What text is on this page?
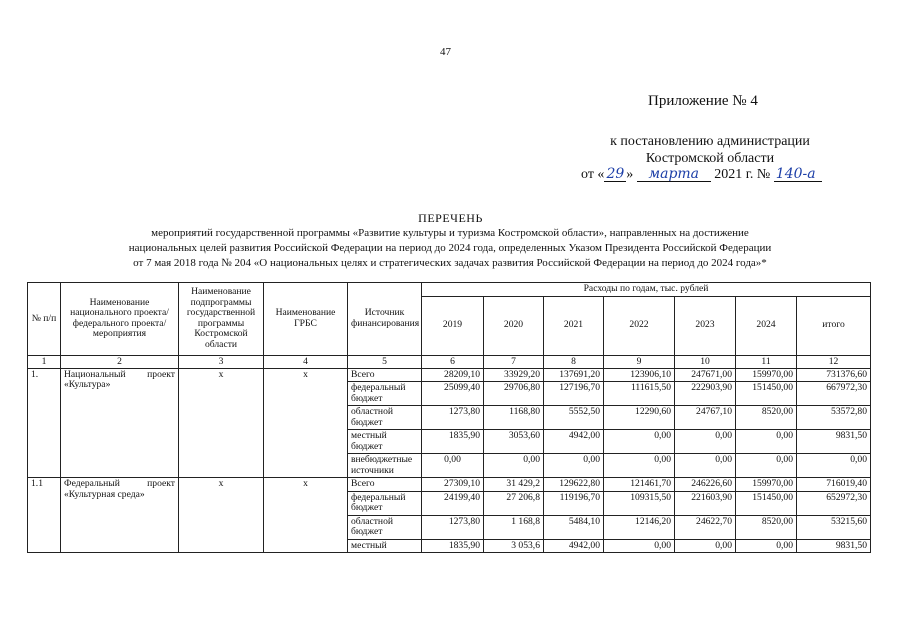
47
Приложение № 4
к постановлению администрации
Костромской области
от « 29 » марта 2021 г. № 140-а
ПЕРЕЧЕНЬ
мероприятий государственной программы «Развитие культуры и туризма Костромской области», направленных на достижение
национальных целей развития Российской Федерации на период до 2024 года, определенных Указом Президента Российской Федерации
от 7 мая 2018 года № 204 «О национальных целях и стратегических задачах развития Российской Федерации на период до 2024 года»*
№ п/п	Наименование национального проекта/ федерального проекта/ мероприятия	Наименование подпрограммы государственной программы Костромской области	Наименование ГРБС	Источник финансирования	Расходы по годам, тыс. рублей						
					2019	2020	2021	2022	2023	2024	итого
1	2	3	4	5	6	7	8	9	10	11	12
1.	Национальный проект «Культура»	х	х	Всего	28209,10	33929,20	137691,20	123906,10	247671,00	159970,00	731376,60
				федеральный бюджет	25099,40	29706,80	127196,70	111615,50	222903,90	151450,00	667972,30
				областной бюджет	1273,80	1168,80	5552,50	12290,60	24767,10	8520,00	53572,80
				местный бюджет	1835,90	3053,60	4942,00	0,00	0,00	0,00	9831,50
				внебюджетные источники	0,00	0,00	0,00	0,00	0,00	0,00	0,00
1.1	Федеральный проект «Культурная среда»	х	х	Всего	27309,10	31 429,2	129622,80	121461,70	246226,60	159970,00	716019,40
				федеральный бюджет	24199,40	27 206,8	119196,70	109315,50	221603,90	151450,00	652972,30
				областной бюджет	1273,80	1 168,8	5484,10	12146,20	24622,70	8520,00	53215,60
				местный	1835,90	3 053,6	4942,00	0,00	0,00	0,00	9831,50
